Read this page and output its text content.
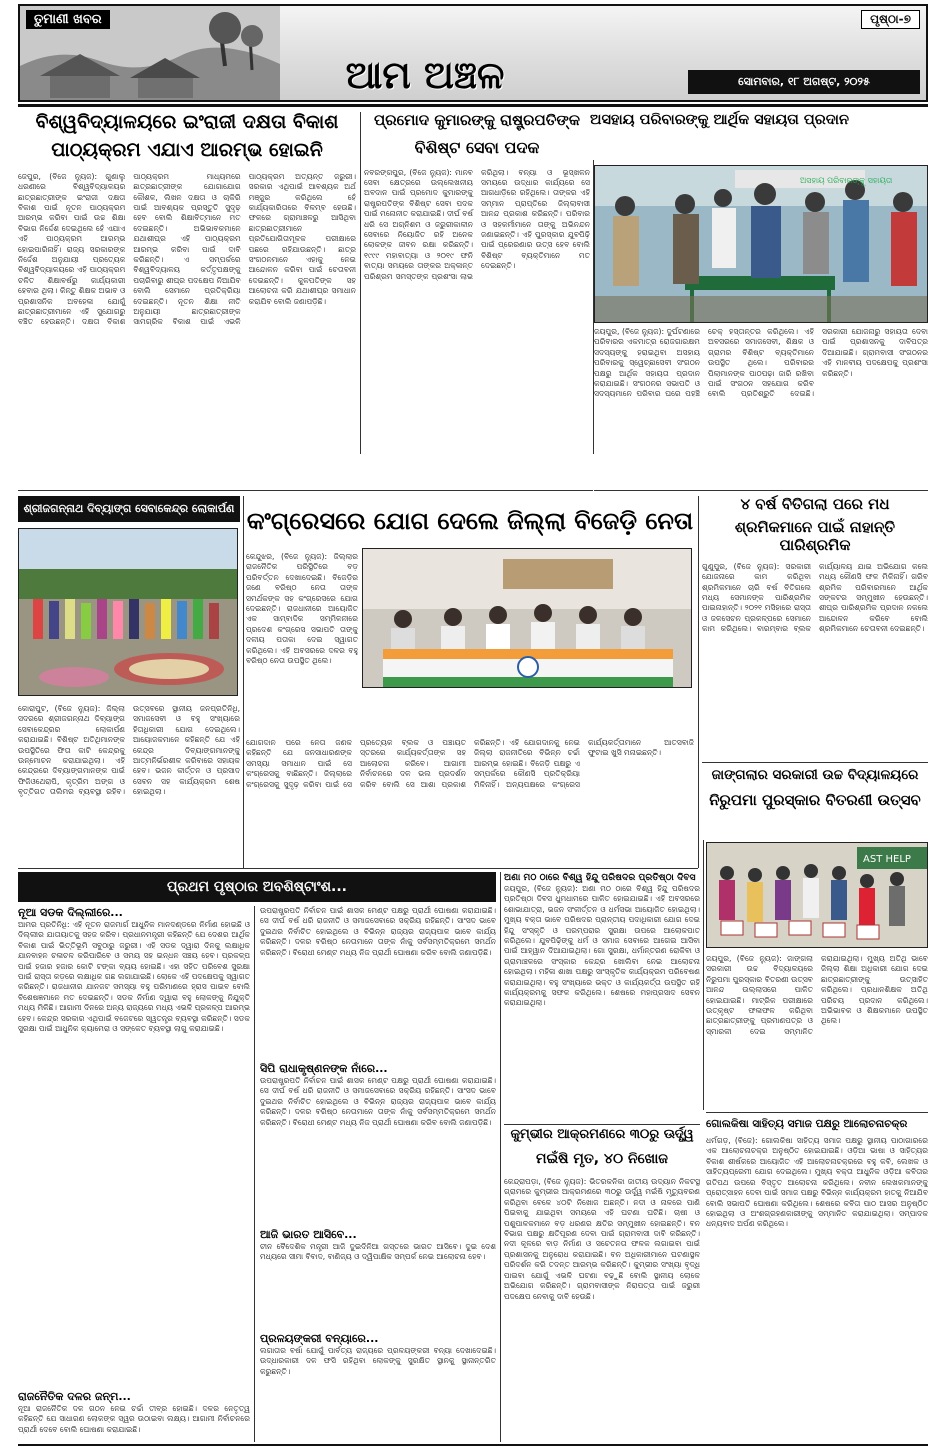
ତୁମାଣୀ ଖବର
ଆମ ଅଞ୍ଚଳ
ପୃଷ୍ଠା-୭
ସୋମବାର, ୧୮ ଅଗଷ୍ଟ, ୨୦୨୫
ବିଶ୍ୱବିଦ୍ୟାଳୟରେ ଇଂରାଜୀ ଦକ୍ଷତା ବିକାଶ
ପାଠ୍ୟକ୍ରମ ଏଯାଏ ଆରମ୍ଭ ହୋଇନି
ଜେପୁର, (ବିଜେ ନ୍ୟୁଜ): ଗୁଣାଲୁ ଧରଣୀରେ ବିଶ୍ୱବିଦ୍ୟାଳୟର ଛାତ୍ରଛାତ୍ରୀଙ୍କ ଇଂରାଜୀ ଦକ୍ଷତା ବିକାଶ ପାଇଁ ନୂତନ ପାଠ୍ୟକ୍ରମ ଆରମ୍ଭ କରିବା ପାଇଁ ଉଚ୍ଚ ଶିକ୍ଷା ବିଭାଗ ନିର୍ଦ୍ଦେଶ ଦେଇଥିଲେ ହେଁ ଏଯାଏ ଏହି ପାଠ୍ୟକ୍ରମ ଆରମ୍ଭ ହୋଇପାରିନାହିଁ। ରାଜ୍ୟ ସରକାରଙ୍କ ନିର୍ଦ୍ଦେଶ ଅନୁଯାୟୀ ପ୍ରତ୍ୟେକ ବିଶ୍ୱବିଦ୍ୟାଳୟରେ ଏହି ପାଠ୍ୟକ୍ରମ ଚଳିତ ଶିକ୍ଷାବର୍ଷରୁ କାର୍ଯ୍ୟକାରୀ ହେବାର ଥିଲା। କିନ୍ତୁ ଶିକ୍ଷକ ଅଭାବ ଓ ପ୍ରଶାସନିକ ଅବହେଳା ଯୋଗୁଁ ଛାତ୍ରଛାତ୍ରୀମାନେ ଏହି ସୁଯୋଗରୁ ବଞ୍ଚିତ ହେଉଛନ୍ତି। ଦକ୍ଷତା ବିକାଶ ପାଠ୍ୟକ୍ରମ ମାଧ୍ୟମରେ ଛାତ୍ରଛାତ୍ରୀଙ୍କ ଯୋଗାଯୋଗ କୌଶଳ, ଲିଖନ ଦକ୍ଷତା ଓ ଚାକିରି ପାଇଁ ଆବଶ୍ୟକ ପ୍ରସ୍ତୁତି ସୁଦୃଢ଼ ହେବ ବୋଲି ଶିକ୍ଷାବିତ୍‌ମାନେ ମତ ଦେଇଛନ୍ତି। ଅଭିଭାବକମାନେ ଯଥାଶୀଘ୍ର ଏହି ପାଠ୍ୟକ୍ରମ ଆରମ୍ଭ କରିବା ପାଇଁ ଦାବି କରିଛନ୍ତି। ଏ ସମ୍ପର୍କରେ ବିଶ୍ୱବିଦ୍ୟାଳୟ କର୍ତ୍ତୃପକ୍ଷଙ୍କୁ ପଚାରିବାରୁ ଶୀଘ୍ର ପଦକ୍ଷେପ ନିଆଯିବ ବୋଲି ସେମାନେ ପ୍ରତିକ୍ରିୟା ଦେଇଛନ୍ତି। ନୂତନ ଶିକ୍ଷା ନୀତି ଅନୁଯାୟୀ ଛାତ୍ରଛାତ୍ରୀଙ୍କ ସାମଗ୍ରିକ ବିକାଶ ପାଇଁ ଏଭଳି ପାଠ୍ୟକ୍ରମ ଅତ୍ୟନ୍ତ ଜରୁରୀ। ସରକାର ଏଥିପାଇଁ ଆବଶ୍ୟକ ଅର୍ଥ ମଞ୍ଜୁର କରିଥିଲେ ହେଁ କାର୍ଯ୍ୟକାରିତାରେ ବିଳମ୍ବ ହେଉଛି। ଫଳରେ ଗ୍ରାମାଞ୍ଚଳରୁ ଆସିଥିବା ଛାତ୍ରଛାତ୍ରୀମାନେ ପ୍ରତିଯୋଗିତାମୂଳକ ପରୀକ୍ଷାରେ ପଛରେ ରହିଯାଉଛନ୍ତି। ଛାତ୍ର ସଂଗଠନମାନେ ଏହାକୁ ନେଇ ଆନ୍ଦୋଳନ କରିବା ପାଇଁ ଚେତାବନୀ ଦେଇଛନ୍ତି। କୁଳପତିଙ୍କ ସହ ଆଲୋଚନା କରି ଯଥାଶୀଘ୍ର ସମାଧାନ କରାଯିବ ବୋଲି ଜଣାପଡ଼ିଛି।
ପ୍ରମୋଦ କୁମାରଙ୍କୁ ରାଷ୍ଟ୍ରପତିଙ୍କ
ବିଶିଷ୍ଟ ସେବା ପଦକ
ନବରଙ୍ଗପୁର, (ବିଜେ ନ୍ୟୁଜ): ମାନବ ସେବା କ୍ଷେତ୍ରରେ ଉଲ୍ଲେଖନୀୟ ଅବଦାନ ପାଇଁ ପ୍ରମୋଦ କୁମାରଙ୍କୁ ରାଷ୍ଟ୍ରପତିଙ୍କ ବିଶିଷ୍ଟ ସେବା ପଦକ ପାଇଁ ମନୋନୀତ କରାଯାଇଛି। ଦୀର୍ଘ ବର୍ଷ ଧରି ସେ ଅଗ୍ନିଶମ ଓ ଜରୁରୀକାଳୀନ ସେବାରେ ନିୟୋଜିତ ରହି ଅନେକ ଲୋକଙ୍କ ଜୀବନ ରକ୍ଷା କରିଛନ୍ତି। ୧୯୯୯ ମହାବାତ୍ୟା ଓ ୨୦୧୯ ଫନି ବାତ୍ୟା ସମୟରେ ତାଙ୍କର ଅକ୍ଳାନ୍ତ ପରିଶ୍ରମ ସମସ୍ତଙ୍କ ପ୍ରଶଂସା ଲାଭ କରିଥିଲା। ବନ୍ୟା ଓ ଭୂସ୍ଖଳନ ସମୟରେ ଉଦ୍ଧାର କାର୍ଯ୍ୟରେ ସେ ଆଗଧାଡ଼ିରେ ରହିଥିଲେ। ତାଙ୍କର ଏହି ସମ୍ମାନ ପ୍ରାପ୍ତିରେ ଜିଲ୍ଲାବାସୀ ଆନନ୍ଦ ପ୍ରକାଶ କରିଛନ୍ତି। ପରିବାର ଓ ସହକର୍ମୀମାନେ ତାଙ୍କୁ ଅଭିନନ୍ଦନ ଜଣାଇଛନ୍ତି। ଏହି ପୁରସ୍କାର ଯୁବପିଢ଼ି ପାଇଁ ପ୍ରେରଣାର ଉତ୍ସ ହେବ ବୋଲି ବିଶିଷ୍ଟ ବ୍ୟକ୍ତିମାନେ ମତ ଦେଇଛନ୍ତି।
ଅସହାୟ ପରିବାରଙ୍କୁ ଆର୍ଥିକ ସହାୟତା ପ୍ରଦାନ
ଅସହାୟ ପରିବାରଙ୍କୁ ସହାୟତା
ଜୟପୁର, (ବିଜେ ନ୍ୟୁଜ): ଦୁର୍ଘଟଣାରେ ପରିବାରର ଏକମାତ୍ର ରୋଜଗାରକ୍ଷମ ସଦସ୍ୟଙ୍କୁ ହରାଇଥିବା ଅସହାୟ ପରିବାରକୁ ସ୍ୱେଚ୍ଛାସେବୀ ସଂଗଠନ ପକ୍ଷରୁ ଆର୍ଥିକ ସହାୟତା ପ୍ରଦାନ କରାଯାଇଛି। ସଂଗଠନର ସଭାପତି ଓ ସଦସ୍ୟମାନେ ପରିବାର ଘରେ ପହଞ୍ଚି ଚେକ୍ ହସ୍ତାନ୍ତର କରିଥିଲେ। ଏହି ଅବସରରେ ସମାଜସେବୀ, ଶିକ୍ଷକ ଓ ଗ୍ରାମର ବିଶିଷ୍ଟ ବ୍ୟକ୍ତିମାନେ ଉପସ୍ଥିତ ଥିଲେ। ପରିବାରର ପିଲାମାନଙ୍କ ପାଠପଢ଼ା ଜାରି ରଖିବା ପାଇଁ ସଂଗଠନ ସହଯୋଗ କରିବ ବୋଲି ପ୍ରତିଶ୍ରୁତି ଦେଇଛି। ସରକାରୀ ଯୋଜନାରୁ ସହାୟତା ଦେବା ପାଇଁ ପ୍ରଶାସନକୁ ଦାବିପତ୍ର ଦିଆଯାଇଛି। ଗ୍ରାମବାସୀ ସଂଗଠନର ଏହି ମାନବୀୟ ପଦକ୍ଷେପକୁ ପ୍ରଶଂସା କରିଛନ୍ତି।
ଶ୍ରୀଜଗନ୍ନାଥ ଦିବ୍ୟାଙ୍ଗ ସେବାକେନ୍ଦ୍ର ଲୋକାର୍ପଣ
କୋରାପୁଟ, (ବିଜେ ନ୍ୟୁଜ): ଜିଲ୍ଲା ସଦରରେ ଶ୍ରୀଜଗନ୍ନାଥ ଦିବ୍ୟାଙ୍ଗ ସେବାକେନ୍ଦ୍ରର ଲୋକାର୍ପଣ କରାଯାଇଛି। ବିଶିଷ୍ଟ ଅତିଥିମାନଙ୍କ ଉପସ୍ଥିତିରେ ଫିତା କାଟି କେନ୍ଦ୍ରକୁ ଉନ୍ମୋଚନ କରାଯାଇଥିଲା। ଏହି କେନ୍ଦ୍ରରେ ଦିବ୍ୟାଙ୍ଗମାନଙ୍କ ପାଇଁ ଫିଜିଓଥେରାପି, କୃତ୍ରିମ ଅଙ୍ଗ ଓ ବୃତ୍ତିଗତ ତାଲିମର ବ୍ୟବସ୍ଥା ରହିବ। ଉତ୍ସବରେ ସ୍ଥାନୀୟ ଜନପ୍ରତିନିଧି, ସମାଜସେବୀ ଓ ବହୁ ସଂଖ୍ୟାରେ ହିତାଧିକାରୀ ଯୋଗ ଦେଇଥିଲେ। ଆୟୋଜକମାନେ କହିଛନ୍ତି ଯେ ଏହି କେନ୍ଦ୍ର ଦିବ୍ୟାଙ୍ଗମାନଙ୍କୁ ଆତ୍ମନିର୍ଭରଶୀଳ କରିବାରେ ସହାୟକ ହେବ। ଭଜନ କୀର୍ତ୍ତନ ଓ ପ୍ରସାଦ ସେବନ ସହ କାର୍ଯ୍ୟକ୍ରମ ଶେଷ ହୋଇଥିଲା।
କଂଗ୍ରେସରେ ଯୋଗ ଦେଲେ ଜିଲ୍ଲା ବିଜେଡ଼ି ନେତା
କେନ୍ଦୁଝର, (ବିଜେ ନ୍ୟୁଜ): ଜିଲ୍ଲାର ରାଜନୈତିକ ପରିସ୍ଥିତିରେ ବଡ଼ ପରିବର୍ତ୍ତନ ଦେଖାଦେଇଛି। ବିଜେଡ଼ିର ଜଣେ ବରିଷ୍ଠ ନେତା ତାଙ୍କ ସମର୍ଥକଙ୍କ ସହ କଂଗ୍ରେସରେ ଯୋଗ ଦେଇଛନ୍ତି। ରାଜଧାନୀରେ ଆୟୋଜିତ ଏକ ସାମ୍ବାଦିକ ସମ୍ମିଳନୀରେ ପ୍ରଦେଶ କଂଗ୍ରେସ ସଭାପତି ତାଙ୍କୁ ଦଳୀୟ ପତାକା ଦେଇ ସ୍ୱାଗତ କରିଥିଲେ। ଏହି ଅବସରରେ ଦଳର ବହୁ ବରିଷ୍ଠ ନେତା ଉପସ୍ଥିତ ଥିଲେ।
ଯୋଗଦାନ ପରେ ନେତା ଜଣକ କହିଛନ୍ତି ଯେ ଜନସାଧାରଣଙ୍କ ସମସ୍ୟା ସମାଧାନ ପାଇଁ ସେ କଂଗ୍ରେସକୁ ବାଛିଛନ୍ତି। ଜିଲ୍ଲାରେ କଂଗ୍ରେସକୁ ସୁଦୃଢ଼ କରିବା ପାଇଁ ସେ ପ୍ରତ୍ୟେକ ବ୍ଲକ ଓ ପଞ୍ଚାୟତ ସ୍ତରରେ କାର୍ଯ୍ୟକର୍ତ୍ତାଙ୍କ ସହ ଆଲୋଚନା କରିବେ। ଆଗାମୀ ନିର୍ବାଚନରେ ଦଳ ଭଲ ପ୍ରଦର୍ଶନ କରିବ ବୋଲି ସେ ଆଶା ପ୍ରକାଶ କରିଛନ୍ତି। ଏହି ଯୋଗଦାନକୁ ନେଇ ଜିଲ୍ଲା ରାଜନୀତିରେ ବିଭିନ୍ନ ଚର୍ଚ୍ଚା ଆରମ୍ଭ ହୋଇଛି। ବିଜେଡ଼ି ପକ୍ଷରୁ ଏ ସମ୍ପର୍କରେ କୌଣସି ପ୍ରତିକ୍ରିୟା ମିଳିନାହିଁ। ଅନ୍ୟପକ୍ଷରେ କଂଗ୍ରେସ କାର୍ଯ୍ୟକର୍ତ୍ତାମାନେ ଆତସବାଜି ଫୁଟାଇ ଖୁସି ମନାଇଛନ୍ତି।
୪ ବର୍ଷ ବିତିଗଲା ପରେ ମଧ
ଶ୍ରମିକମାନେ ପାଇଁ ନାହାନ୍ତି ପାରିଶ୍ରମିକ
ଗୁଣୁପୁର, (ବିଜେ ନ୍ୟୁଜ): ସରକାରୀ ଯୋଜନାରେ କାମ କରିଥିବା ଶ୍ରମିକମାନେ ଚାରି ବର୍ଷ ବିତିଗଲେ ମଧ୍ୟ ସେମାନଙ୍କ ପାରିଶ୍ରମିକ ପାଇନାହାନ୍ତି। ୨୦୨୧ ମସିହାରେ ରାସ୍ତା ଓ ଜଳସେଚନ ପ୍ରକଳ୍ପରେ ସେମାନେ କାମ କରିଥିଲେ। ବାରମ୍ବାର ବ୍ଲକ କାର୍ଯ୍ୟାଳୟ ଯାଇ ଅଭିଯୋଗ କଲେ ମଧ୍ୟ କୌଣସି ଫଳ ମିଳିନାହିଁ। ଗରିବ ଶ୍ରମିକ ପରିବାରମାନେ ଆର୍ଥିକ ସଙ୍କଟର ସମ୍ମୁଖୀନ ହେଉଛନ୍ତି। ଶୀଘ୍ର ପାରିଶ୍ରମିକ ପ୍ରଦାନ ନକଲେ ଆନ୍ଦୋଳନ କରିବେ ବୋଲି ଶ୍ରମିକମାନେ ଚେତାବନୀ ଦେଇଛନ୍ତି।
ଜାଙ୍ଗଲାର ସରକାରୀ ଉଚ୍ଚ ବିଦ୍ୟାଳୟରେ
ନିରୁପମା ପୁରସ୍କାର ବିତରଣୀ ଉତ୍ସବ
ପ୍ରଥମ ପୃଷ୍ଠାର ଅବଶିଷ୍ଟାଂଶ...
ନୂଆ ସଡକ ଦିଲ୍ଲୀରେ...
ଆମର ପ୍ରତିନିଧି: ଏହି ନୂତନ ରାଜମାର୍ଗ ଆଧୁନିକ ମାନଦଣ୍ଡରେ ନିର୍ମାଣ ହୋଇଛି ଓ ଦିଲ୍ଲୀର ଯାତାୟାତକୁ ସହଜ କରିବ। ପ୍ରଧାନମନ୍ତ୍ରୀ କହିଛନ୍ତି ଯେ ଦେଶର ଆର୍ଥିକ ବିକାଶ ପାଇଁ ଭିତ୍ତିଭୂମି ସବୁଠାରୁ ଜରୁରୀ। ଏହି ସଡକ ଦ୍ୱାରା ଦିନକୁ ଲକ୍ଷାଧିକ ଯାନବାହନ ଚଳାଚଳ କରିପାରିବେ ଓ ସମୟ ସହ ଇନ୍ଧନ ସଞ୍ଚୟ ହେବ। ପ୍ରକଳ୍ପ ପାଇଁ ହଜାର ହଜାର କୋଟି ଟଙ୍କା ବ୍ୟୟ ହୋଇଛି। ଏହା ସହିତ ପରିବେଶ ସୁରକ୍ଷା ପାଇଁ ରାସ୍ତା କଡ଼ରେ ଲକ୍ଷାଧିକ ଗଛ ଲଗାଯାଇଛି। ଲୋକେ ଏହି ପଦକ୍ଷେପକୁ ସ୍ୱାଗତ କରିଛନ୍ତି। ରାଜଧାନୀର ଯାନଜଟ ସମସ୍ୟା ବହୁ ପରିମାଣରେ ହ୍ରାସ ପାଇବ ବୋଲି ବିଶେଷଜ୍ଞମାନେ ମତ ଦେଇଛନ୍ତି। ସଡକ ନିର୍ମାଣ ଦ୍ୱାରା ବହୁ ଲୋକଙ୍କୁ ନିଯୁକ୍ତି ମଧ୍ୟ ମିଳିଛି। ଆଗାମୀ ଦିନରେ ଅନ୍ୟ ରାଜ୍ୟରେ ମଧ୍ୟ ଏଭଳି ପ୍ରକଳ୍ପ ଆରମ୍ଭ ହେବ। କେନ୍ଦ୍ର ସରକାର ଏଥିପାଇଁ ବଜେଟରେ ସ୍ୱତନ୍ତ୍ର ବ୍ୟବସ୍ଥା କରିଛନ୍ତି। ସଡକ ସୁରକ୍ଷା ପାଇଁ ଆଧୁନିକ କ୍ୟାମେରା ଓ ସଙ୍କେତ ବ୍ୟବସ୍ଥା ଲାଗୁ କରାଯାଇଛି।
ରାଜନୈତିକ ଦଳର ଜନ୍ମ...
ନୂଆ ରାଜନୈତିକ ଦଳ ଗଠନ ନେଇ ଚର୍ଚ୍ଚା ତୀବ୍ର ହୋଇଛି। ଦଳର ନେତୃତ୍ୱ କହିଛନ୍ତି ଯେ ସାଧାରଣ ଲୋକଙ୍କ ସ୍ୱର ଉଠାଇବା ଲକ୍ଷ୍ୟ। ଆଗାମୀ ନିର୍ବାଚନରେ ପ୍ରାର୍ଥୀ ଦେବେ ବୋଲି ଘୋଷଣା କରାଯାଇଛି।
ଉପରାଷ୍ଟ୍ରପତି ନିର୍ବାଚନ ପାଇଁ ଶାସକ ମେଣ୍ଟ ପକ୍ଷରୁ ପ୍ରାର୍ଥୀ ଘୋଷଣା କରାଯାଇଛି। ସେ ଦୀର୍ଘ ବର୍ଷ ଧରି ରାଜନୀତି ଓ ସମାଜସେବାରେ ସକ୍ରିୟ ରହିଛନ୍ତି। ସାଂସଦ ଭାବେ ଦୁଇଥର ନିର୍ବାଚିତ ହୋଇଥିଲେ ଓ ବିଭିନ୍ନ ରାଜ୍ୟର ରାଜ୍ୟପାଳ ଭାବେ କାର୍ଯ୍ୟ କରିଛନ୍ତି। ଦଳର ବରିଷ୍ଠ ନେତାମାନେ ତାଙ୍କ ନାଁକୁ ସର୍ବସମ୍ମତିକ୍ରମେ ସମର୍ଥନ କରିଛନ୍ତି। ବିରୋଧୀ ମେଣ୍ଟ ମଧ୍ୟ ନିଜ ପ୍ରାର୍ଥୀ ଘୋଷଣା କରିବ ବୋଲି ଜଣାପଡ଼ିଛି।
ସିପି ରାଧାକୃଷ୍ଣନଙ୍କ ନାଁରେ...
ଉପରାଷ୍ଟ୍ରପତି ନିର୍ବାଚନ ପାଇଁ ଶାସକ ମେଣ୍ଟ ପକ୍ଷରୁ ପ୍ରାର୍ଥୀ ଘୋଷଣା କରାଯାଇଛି। ସେ ଦୀର୍ଘ ବର୍ଷ ଧରି ରାଜନୀତି ଓ ସମାଜସେବାରେ ସକ୍ରିୟ ରହିଛନ୍ତି। ସାଂସଦ ଭାବେ ଦୁଇଥର ନିର୍ବାଚିତ ହୋଇଥିଲେ ଓ ବିଭିନ୍ନ ରାଜ୍ୟର ରାଜ୍ୟପାଳ ଭାବେ କାର୍ଯ୍ୟ କରିଛନ୍ତି। ଦଳର ବରିଷ୍ଠ ନେତାମାନେ ତାଙ୍କ ନାଁକୁ ସର୍ବସମ୍ମତିକ୍ରମେ ସମର୍ଥନ କରିଛନ୍ତି। ବିରୋଧୀ ମେଣ୍ଟ ମଧ୍ୟ ନିଜ ପ୍ରାର୍ଥୀ ଘୋଷଣା କରିବ ବୋଲି ଜଣାପଡ଼ିଛି।
ଆଜି ଭାରତ ଆସିବେ...
ଚୀନ ବୈଦେଶିକ ମନ୍ତ୍ରୀ ଆଜି ଦୁଇଦିନିଆ ଗସ୍ତରେ ଭାରତ ଆସିବେ। ଦୁଇ ଦେଶ ମଧ୍ୟରେ ସୀମା ବିବାଦ, ବାଣିଜ୍ୟ ଓ ଦ୍ୱିପାକ୍ଷିକ ସମ୍ପର୍କ ନେଇ ଆଲୋଚନା ହେବ।
ପ୍ରଳୟଙ୍କରୀ ବନ୍ୟାରେ...
ଲଗାତାର ବର୍ଷା ଯୋଗୁଁ ପାର୍ବତ୍ୟ ରାଜ୍ୟରେ ପ୍ରଳୟଙ୍କରୀ ବନ୍ୟା ଦେଖାଦେଇଛି। ଉଦ୍ଧାରକାରୀ ଦଳ ଫସି ରହିଥିବା ଲୋକଙ୍କୁ ସୁରକ୍ଷିତ ସ୍ଥାନକୁ ସ୍ଥାନାନ୍ତରିତ କରୁଛନ୍ତି।
ଅଣା ମଠ ଠାରେ ବିଶ୍ୱ ହିନ୍ଦୁ ପରିଷଦର ପ୍ରତିଷ୍ଠା ଦିବସ
ଜୟପୁର, (ବିଜେ ନ୍ୟୁଜ): ଅଣା ମଠ ଠାରେ ବିଶ୍ୱ ହିନ୍ଦୁ ପରିଷଦର ପ୍ରତିଷ୍ଠା ଦିବସ ଧୁମଧାମରେ ପାଳିତ ହୋଇଯାଇଛି। ଏହି ଅବସରରେ ଶୋଭାଯାତ୍ରା, ଭଜନ ସଂକୀର୍ତ୍ତନ ଓ ଧର୍ମସଭା ଆୟୋଜିତ ହୋଇଥିଲା। ମୁଖ୍ୟ ବକ୍ତା ଭାବେ ପରିଷଦର ପ୍ରାନ୍ତୀୟ ପଦାଧିକାରୀ ଯୋଗ ଦେଇ ହିନ୍ଦୁ ସଂସ୍କୃତି ଓ ପରମ୍ପରାର ସୁରକ୍ଷା ଉପରେ ଆଲୋକପାତ କରିଥିଲେ। ଯୁବପିଢ଼ିଙ୍କୁ ଧର୍ମ ଓ ସମାଜ ସେବାରେ ଆଗେଇ ଆସିବା ପାଇଁ ଆହ୍ୱାନ ଦିଆଯାଇଥିଲା। ଗୋ ସୁରକ୍ଷା, ଧର୍ମାନ୍ତରଣ ରୋକିବା ଓ ଗ୍ରାମାଞ୍ଚଳରେ ସଂସ୍କାର କେନ୍ଦ୍ର ଖୋଲିବା ନେଇ ଆଲୋଚନା ହୋଇଥିଲା। ମହିଳା ଶାଖା ପକ୍ଷରୁ ସାଂସ୍କୃତିକ କାର୍ଯ୍ୟକ୍ରମ ପରିବେଷଣ କରାଯାଇଥିଲା। ବହୁ ସଂଖ୍ୟାରେ ଭକ୍ତ ଓ କାର୍ଯ୍ୟକର୍ତ୍ତା ଉପସ୍ଥିତ ରହି କାର୍ଯ୍ୟକ୍ରମକୁ ସଫଳ କରିଥିଲେ। ଶେଷରେ ମହାପ୍ରସାଦ ସେବନ କରାଯାଇଥିଲା।
କୁମ୍ଭୀର ଆକ୍ରମଣରେ ୩୦ରୁ ଊର୍ଦ୍ଧ୍ୱ
ମଇଁଷି ମୃତ, ୪୦ ନିଖୋଜ
କେନ୍ଦ୍ରାପଡ଼ା, (ବିଜେ ନ୍ୟୁଜ): ଭିତରକନିକା ଜାତୀୟ ଉଦ୍ୟାନ ନିକଟସ୍ଥ ଗ୍ରାମରେ କୁମ୍ଭୀର ଆକ୍ରମଣରେ ୩୦ରୁ ଊର୍ଦ୍ଧ୍ୱ ମଇଁଷି ମୃତ୍ୟୁବରଣ କରିଥିବା ବେଳେ ୪୦ଟି ନିଖୋଜ ଅଛନ୍ତି। ନଦୀ ଓ ନାଳରେ ପାଣି ପିଇବାକୁ ଯାଇଥିବା ସମୟରେ ଏହି ଘଟଣା ଘଟିଛି। ଚାଷୀ ଓ ପଶୁପାଳକମାନେ ବଡ଼ ଧରଣର କ୍ଷତିର ସମ୍ମୁଖୀନ ହୋଇଛନ୍ତି। ବନ ବିଭାଗ ପକ୍ଷରୁ କ୍ଷତିପୂରଣ ଦେବା ପାଇଁ ଗ୍ରାମବାସୀ ଦାବି କରିଛନ୍ତି। ନଦୀ କୂଳରେ ବାଡ଼ ନିର୍ମାଣ ଓ ସଚେତନତା ଫଳକ ଲଗାଇବା ପାଇଁ ପ୍ରଶାସନକୁ ଅନୁରୋଧ କରାଯାଇଛି। ବନ ଅଧିକାରୀମାନେ ଘଟଣାସ୍ଥଳ ପରିଦର୍ଶନ କରି ତଦନ୍ତ ଆରମ୍ଭ କରିଛନ୍ତି। କୁମ୍ଭୀର ସଂଖ୍ୟା ବୃଦ୍ଧି ପାଇବା ଯୋଗୁଁ ଏଭଳି ଘଟଣା ବଢ଼ୁଛି ବୋଲି ସ୍ଥାନୀୟ ଲୋକେ ଅଭିଯୋଗ କରିଛନ୍ତି। ଗ୍ରାମବାସୀଙ୍କ ନିରାପତ୍ତା ପାଇଁ ଜରୁରୀ ପଦକ୍ଷେପ ନେବାକୁ ଦାବି ହେଉଛି।
AST HELP
ଜୟପୁର, (ବିଜେ ନ୍ୟୁଜ): ଜାଙ୍ଗଲା ସରକାରୀ ଉଚ୍ଚ ବିଦ୍ୟାଳୟରେ ନିରୁପମା ପୁରସ୍କାର ବିତରଣୀ ଉତ୍ସବ ଆନନ୍ଦ ଉଲ୍ଲାସରେ ପାଳିତ ହୋଇଯାଇଛି। ମାଟ୍ରିକ ପରୀକ୍ଷାରେ ଉତ୍କୃଷ୍ଟ ଫଳାଫଳ କରିଥିବା ଛାତ୍ରଛାତ୍ରୀଙ୍କୁ ପ୍ରମାଣପତ୍ର ଓ ସ୍ମାରକୀ ଦେଇ ସମ୍ମାନିତ କରାଯାଇଥିଲା। ମୁଖ୍ୟ ଅତିଥି ଭାବେ ଜିଲ୍ଲା ଶିକ୍ଷା ଅଧିକାରୀ ଯୋଗ ଦେଇ ଛାତ୍ରଛାତ୍ରୀଙ୍କୁ ଉତ୍ସାହିତ କରିଥିଲେ। ପ୍ରଧାନଶିକ୍ଷକ ଅତିଥି ପରିଚୟ ପ୍ରଦାନ କରିଥିଲେ। ଅଭିଭାବକ ଓ ଶିକ୍ଷକମାନେ ଉପସ୍ଥିତ ଥିଲେ।
ଗୋଲକିଷା ସାହିତ୍ୟ ସମାଜ ପକ୍ଷରୁ ଆଲୋଚନାଚକ୍ର
ଧର୍ମଗଡ଼, (ବିଜେ): ଗୋଲକିଷା ସାହିତ୍ୟ ସମାଜ ପକ୍ଷରୁ ସ୍ଥାନୀୟ ପାଠାଗାରରେ ଏକ ଆଲୋଚନାଚକ୍ର ଅନୁଷ୍ଠିତ ହୋଇଯାଇଛି। ଓଡ଼ିଆ ଭାଷା ଓ ସାହିତ୍ୟର ବିକାଶ ଶୀର୍ଷକରେ ଆୟୋଜିତ ଏହି ଆଲୋଚନାଚକ୍ରରେ ବହୁ କବି, ଲେଖକ ଓ ସାହିତ୍ୟପ୍ରେମୀ ଯୋଗ ଦେଇଥିଲେ। ମୁଖ୍ୟ ବକ୍ତା ଆଧୁନିକ ଓଡ଼ିଆ କବିତାର ଗତିପଥ ଉପରେ ବିସ୍ତୃତ ଆଲୋଚନା କରିଥିଲେ। ନବୀନ ଲେଖକମାନଙ୍କୁ ପ୍ରୋତ୍ସାହନ ଦେବା ପାଇଁ ସମାଜ ପକ୍ଷରୁ ବିଭିନ୍ନ କାର୍ଯ୍ୟକ୍ରମ ହାତକୁ ନିଆଯିବ ବୋଲି ସଭାପତି ଘୋଷଣା କରିଥିଲେ। ଶେଷରେ କବିତା ପାଠ ଆସର ଅନୁଷ୍ଠିତ ହୋଇଥିଲା ଓ ଅଂଶଗ୍ରହଣକାରୀଙ୍କୁ ସମ୍ମାନିତ କରାଯାଇଥିଲା। ସମ୍ପାଦକ ଧନ୍ୟବାଦ ଅର୍ପଣ କରିଥିଲେ।
